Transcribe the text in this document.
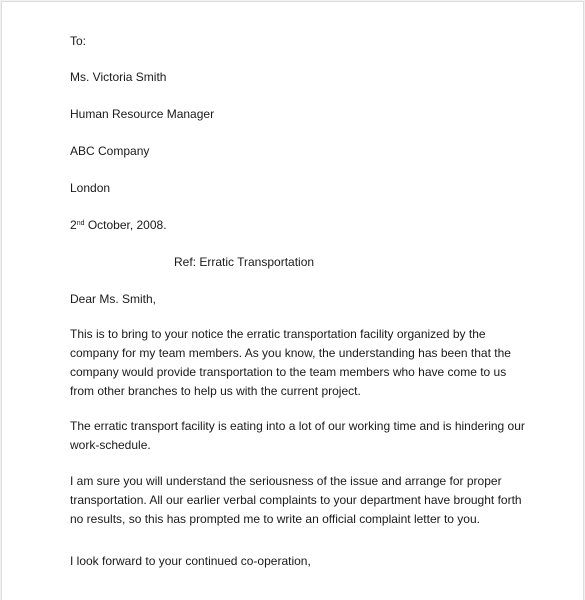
To:
Ms. Victoria Smith
Human Resource Manager
ABC Company
London
2nd October, 2008.
Ref: Erratic Transportation
Dear Ms. Smith,
This is to bring to your notice the erratic transportation facility organized by the company for my team members. As you know, the understanding has been that the company would provide transportation to the team members who have come to us from other branches to help us with the current project.
The erratic transport facility is eating into a lot of our working time and is hindering our work-schedule.
I am sure you will understand the seriousness of the issue and arrange for proper transportation. All our earlier verbal complaints to your department have brought forth no results, so this has prompted me to write an official complaint letter to you.
I look forward to your continued co-operation,
